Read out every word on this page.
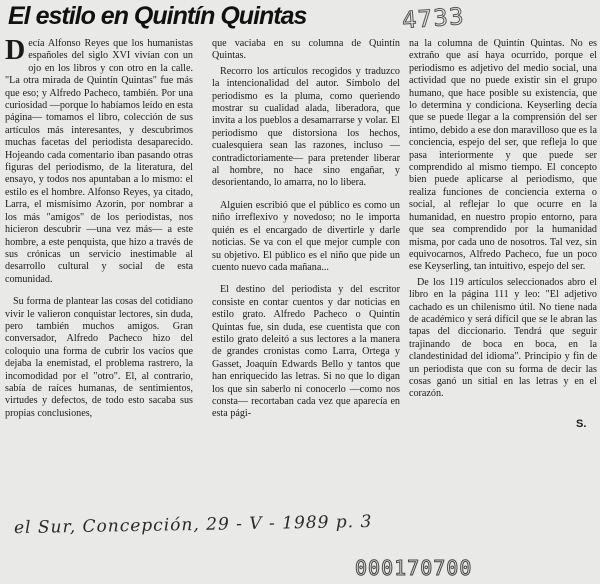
El estilo en Quintín Quintas	4733

Decía Alfonso Reyes que los humanistas españoles del siglo XVI vivían con un ojo en los libros y con otro en la calle. "La otra mirada de Quintín Quintas" fue más que eso; y Alfredo Pacheco, también. Por una curiosidad —porque lo habíamos leído en esta página— tomamos el libro, colección de sus artículos más interesantes, y descubrimos muchas facetas del periodista desaparecido. Hojeando cada comentario iban pasando otras figuras del periodismo, de la literatura, del ensayo, y todos nos apuntaban a lo mismo: el estilo es el hombre. Alfonso Reyes, ya citado, Larra, el mismísimo Azorín, por nombrar a los más "amigos" de los periodistas, nos hicieron descubrir —una vez más— a este hombre, a este penquista, que hizo a través de sus crónicas un servicio inestimable al desarrollo cultural y social de esta comunidad.

Su forma de plantear las cosas del cotidiano vivir le valieron conquistar lectores, sin duda, pero también muchos amigos. Gran conversador, Alfredo Pacheco hizo del coloquio una forma de cubrir los vacíos que dejaba la enemistad, el problema rastrero, la incomodidad por el "otro". El, al contrario, sabía de raíces humanas, de sentimientos, virtudes y defectos, de todo esto sacaba sus propias conclusiones,

que vaciaba en su columna de Quintín Quintas.

Recorro los artículos recogidos y traduzco la intencionalidad del autor. Símbolo del periodismo es la pluma, como queriendo mostrar su cualidad alada, liberadora, que invita a los pueblos a desamarrarse y volar. El periodismo que distorsiona los hechos, cualesquiera sean las razones, incluso —contradictoriamente— para pretender liberar al hombre, no hace sino engañar, y desorientando, lo amarra, no lo libera.

Alguien escribió que el público es como un niño irreflexivo y novedoso; no le importa quién es el encargado de divertirle y darle noticias. Se va con el que mejor cumple con su objetivo. El público es el niño que pide un cuento nuevo cada mañana...

El destino del periodista y del escritor consiste en contar cuentos y dar noticias en estilo grato. Alfredo Pacheco o Quintín Quintas fue, sin duda, ese cuentista que con estilo grato deleitó a sus lectores a la manera de grandes cronistas como Larra, Ortega y Gasset, Joaquín Edwards Bello y tantos que han enriquecido las letras. Si no que lo digan los que sin saberlo ni conocerlo —como nos consta— recortaban cada vez que aparecía en esta pági-

na la columna de Quintín Quintas. No es extraño que así haya ocurrido, porque el periodismo es adjetivo del medio social, una actividad que no puede existir sin el grupo humano, que hace posible su existencia, que lo determina y condiciona. Keyserling decía que se puede llegar a la comprensión del ser íntimo, debido a ese don maravilloso que es la conciencia, espejo del ser, que refleja lo que pasa interiormente y que puede ser comprendido al mismo tiempo. El concepto bien puede aplicarse al periodismo, que realiza funciones de conciencia externa o social, al reflejar lo que ocurre en la humanidad, en nuestro propio entorno, para que sea comprendido por la humanidad misma, por cada uno de nosotros. Tal vez, sin equivocarnos, Alfredo Pacheco, fue un poco ese Keyserling, tan intuitivo, espejo del ser.

De los 119 artículos seleccionados abro el libro en la página 111 y leo: "El adjetivo cachado es un chilenismo útil. No tiene nada de académico y será difícil que se le abran las tapas del diccionario. Tendrá que seguir trajinando de boca en boca, en la clandestinidad del idioma". Principio y fin de un periodista que con su forma de decir las cosas ganó un sitial en las letras y en el corazón.

S.
el Sur, Concepción, 29 - V - 1989 p. 3
000170700
